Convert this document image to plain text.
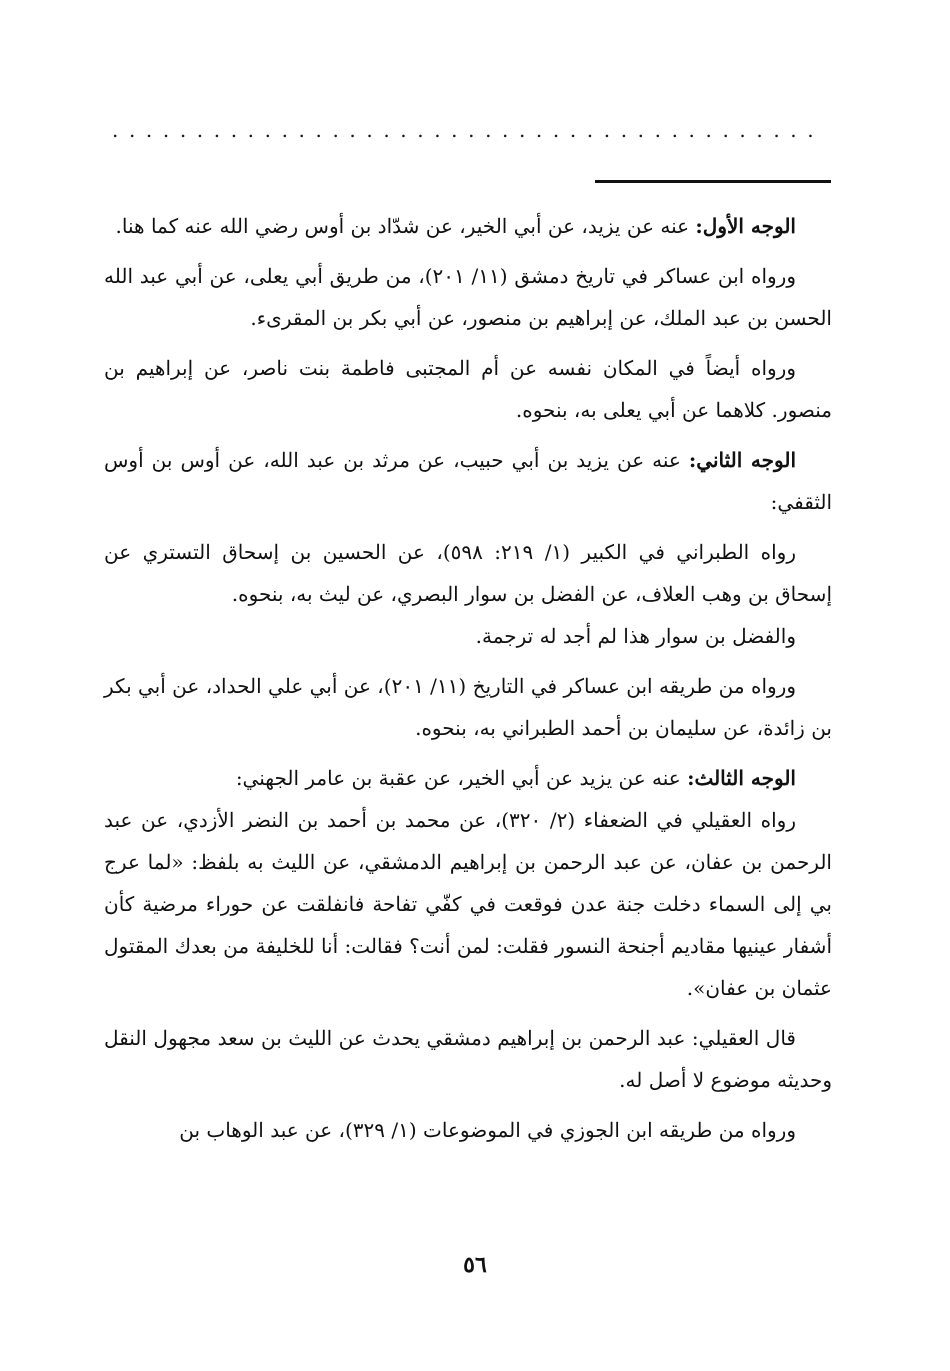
..........................................

الوجه الأول: عنه عن يزيد، عن أبي الخير، عن شدّاد بن أوس رضي الله عنه كما هنا.

ورواه ابن عساكر في تاريخ دمشق (١١/ ٢٠١)، من طريق أبي يعلى، عن أبي عبد الله الحسن بن عبد الملك، عن إبراهيم بن منصور، عن أبي بكر بن المقرىء.

ورواه أيضاً في المكان نفسه عن أم المجتبى فاطمة بنت ناصر، عن إبراهيم بن منصور. كلاهما عن أبي يعلى به، بنحوه.

الوجه الثاني: عنه عن يزيد بن أبي حبيب، عن مرثد بن عبد الله، عن أوس بن أوس الثقفي:

رواه الطبراني في الكبير (١/ ٢١٩: ٥٩٨)، عن الحسين بن إسحاق التستري عن إسحاق بن وهب العلاف، عن الفضل بن سوار البصري، عن ليث به، بنحوه.

والفضل بن سوار هذا لم أجد له ترجمة.

ورواه من طريقه ابن عساكر في التاريخ (١١/ ٢٠١)، عن أبي علي الحداد، عن أبي بكر بن زائدة، عن سليمان بن أحمد الطبراني به، بنحوه.

الوجه الثالث: عنه عن يزيد عن أبي الخير، عن عقبة بن عامر الجهني:

رواه العقيلي في الضعفاء (٢/ ٣٢٠)، عن محمد بن أحمد بن النضر الأزدي، عن عبد الرحمن بن عفان، عن عبد الرحمن بن إبراهيم الدمشقي، عن الليث به بلفظ: «لما عرج بي إلى السماء دخلت جنة عدن فوقعت في كفّي تفاحة فانفلقت عن حوراء مرضية كأن أشفار عينيها مقاديم أجنحة النسور فقلت: لمن أنت؟ فقالت: أنا للخليفة من بعدك المقتول عثمان بن عفان».

قال العقيلي: عبد الرحمن بن إبراهيم دمشقي يحدث عن الليث بن سعد مجهول النقل وحديثه موضوع لا أصل له.

ورواه من طريقه ابن الجوزي في الموضوعات (١/ ٣٢٩)، عن عبد الوهاب بن

٥٦
